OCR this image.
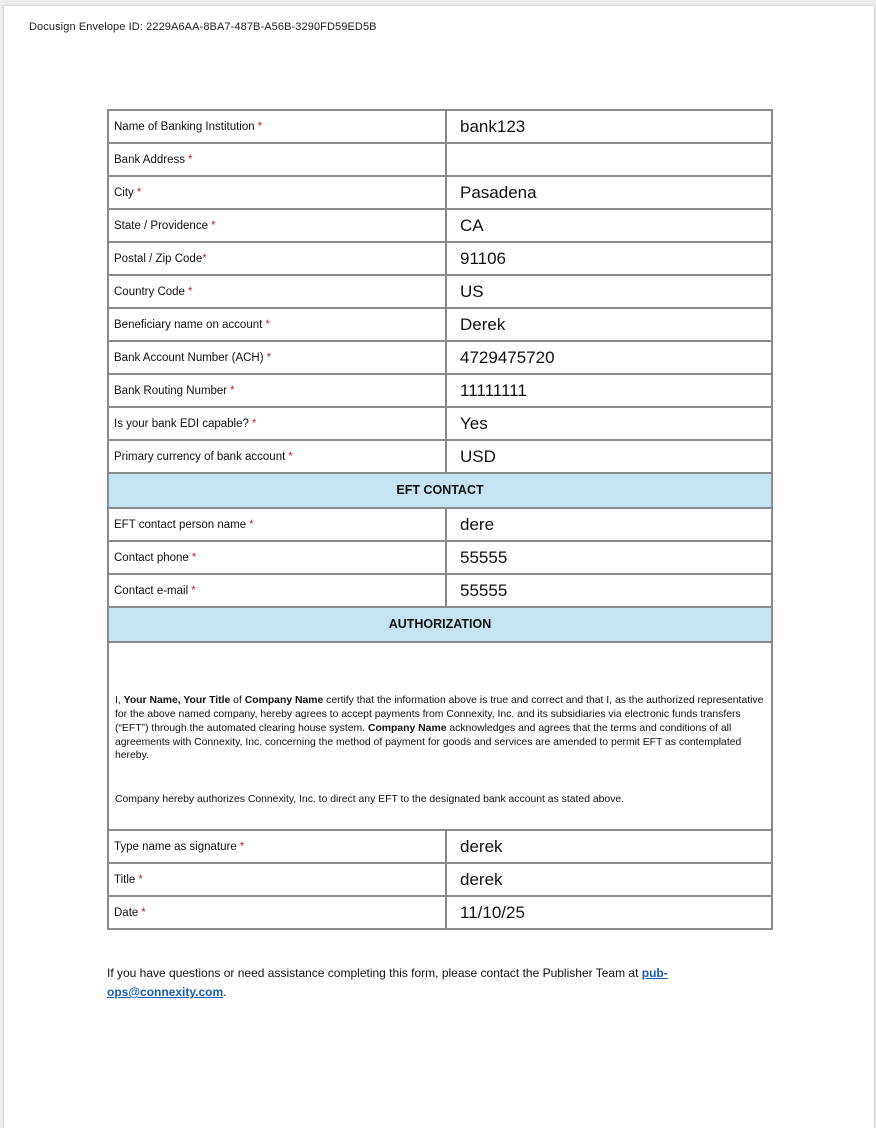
Docusign Envelope ID: 2229A6AA-8BA7-487B-A56B-3290FD59ED5B
Name of Banking Institution *	bank123
Bank Address *	
City *	Pasadena
State / Providence *	CA
Postal / Zip Code*	91106
Country Code *	US
Beneficiary name on account *	Derek
Bank Account Number (ACH) *	4729475720
Bank Routing Number *	11111111
Is your bank EDI capable? *	Yes
Primary currency of bank account *	USD
EFT CONTACT	
EFT contact person name *	dere
Contact phone *	55555
Contact e-mail *	55555
AUTHORIZATION	

I, Your Name, Your Title of Company Name certify that the information above is true and correct and that I, as the authorized representative for the above named company, hereby agrees to accept payments from Connexity, Inc. and its subsidiaries via electronic funds transfers (“EFT”) through the automated clearing house system. Company Name acknowledges and agrees that the terms and conditions of all agreements with Connexity, Inc. concerning the method of payment for goods and services are amended to permit EFT as contemplated hereby.
Company hereby authorizes Connexity, Inc. to direct any EFT to the designated bank account as stated above.	

Type name as signature *	derek
Title *	derek
Date *	11/10/25
If you have questions or need assistance completing this form, please contact the Publisher Team at pub-ops@connexity.com.
